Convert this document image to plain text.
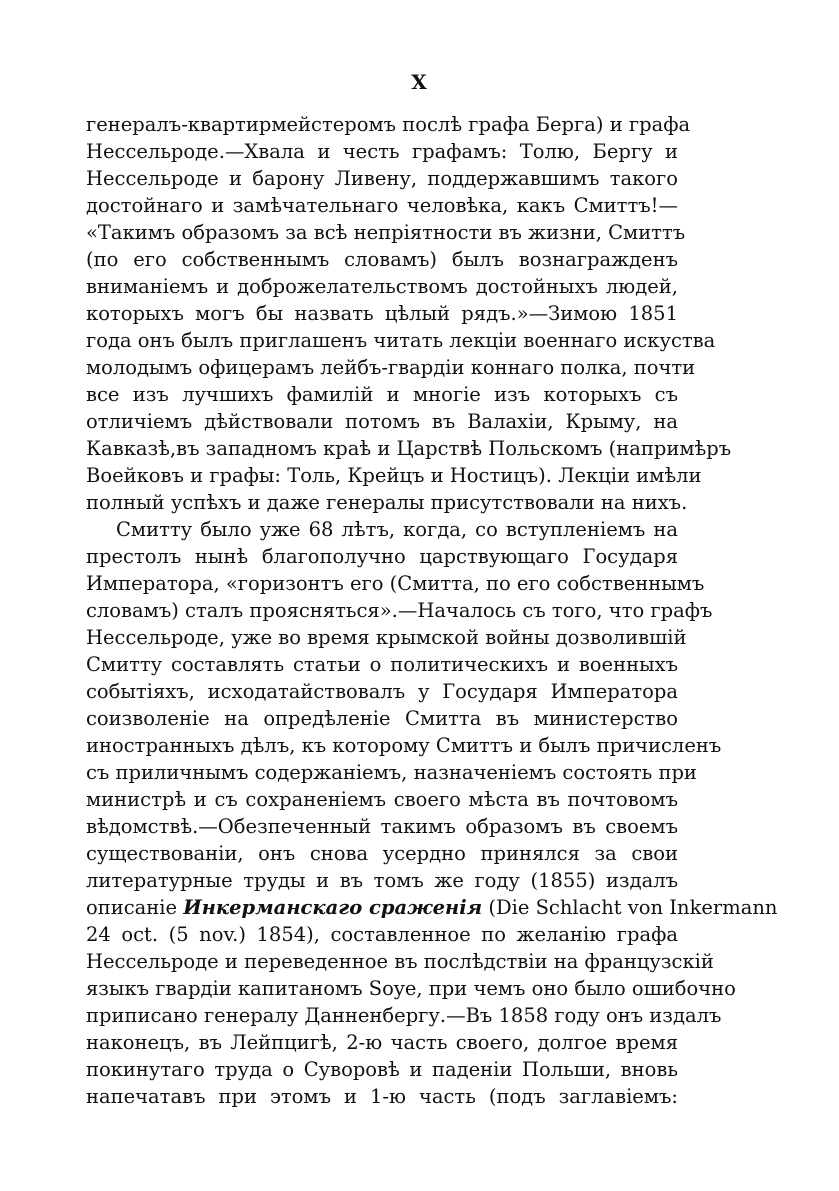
X
генералъ-квартирмейстеромъ послѣ графа Берга) и графа
Нессельроде.—Хвала и честь графамъ: Толю, Бергу и
Нессельроде и барону Ливену, поддержавшимъ такого
достойнаго и замѣчательнаго человѣка, какъ Смиттъ!—
«Такимъ образомъ за всѣ непріятности въ жизни, Смиттъ
(по его собственнымъ словамъ) былъ вознагражденъ
вниманіемъ и доброжелательствомъ достойныхъ людей,
которыхъ могъ бы назвать цѣлый рядъ.»—Зимою 1851
года онъ былъ приглашенъ читать лекціи военнаго искуства
молодымъ офицерамъ лейбъ-гвардіи коннаго полка, почти
все изъ лучшихъ фамилій и многіе изъ которыхъ съ
отличіемъ дѣйствовали потомъ въ Валахіи, Крыму, на
Кавказѣ,въ западномъ краѣ и Царствѣ Польскомъ (напримѣръ
Воейковъ и графы: Толь, Крейцъ и Ностицъ). Лекціи имѣли
полный успѣхъ и даже генералы присутствовали на нихъ.
Смитту было уже 68 лѣтъ, когда, со вступленіемъ на
престолъ нынѣ благополучно царствующаго Государя
Императора, «горизонтъ его (Смитта, по его собственнымъ
словамъ) сталъ проясняться».—Началось съ того, что графъ
Нессельроде, уже во время крымской войны дозволившій
Смитту составлять статьи о политическихъ и военныхъ
событіяхъ, исходатайствовалъ у Государя Императора
соизволеніе на опредѣленіе Смитта въ министерство
иностранныхъ дѣлъ, къ которому Смиттъ и былъ причисленъ
съ приличнымъ содержаніемъ, назначеніемъ состоять при
министрѣ и съ сохраненіемъ своего мѣста въ почтовомъ
вѣдомствѣ.—Обезпеченный такимъ образомъ въ своемъ
существованіи, онъ снова усердно принялся за свои
литературные труды и въ томъ же году (1855) издалъ
описаніе Инкерманскаго сраженія (Die Schlacht von Inkermann
24 oct. (5 nov.) 1854), составленное по желанію графа
Нессельроде и переведенное въ послѣдствіи на французскій
языкъ гвардіи капитаномъ Soye, при чемъ оно было ошибочно
приписано генералу Данненбергу.—Въ 1858 году онъ издалъ
наконецъ, въ Лейпцигѣ, 2-ю часть своего, долгое время
покинутаго труда о Суворовѣ и паденіи Польши, вновь
напечатавъ при этомъ и 1-ю часть (подъ заглавіемъ:
